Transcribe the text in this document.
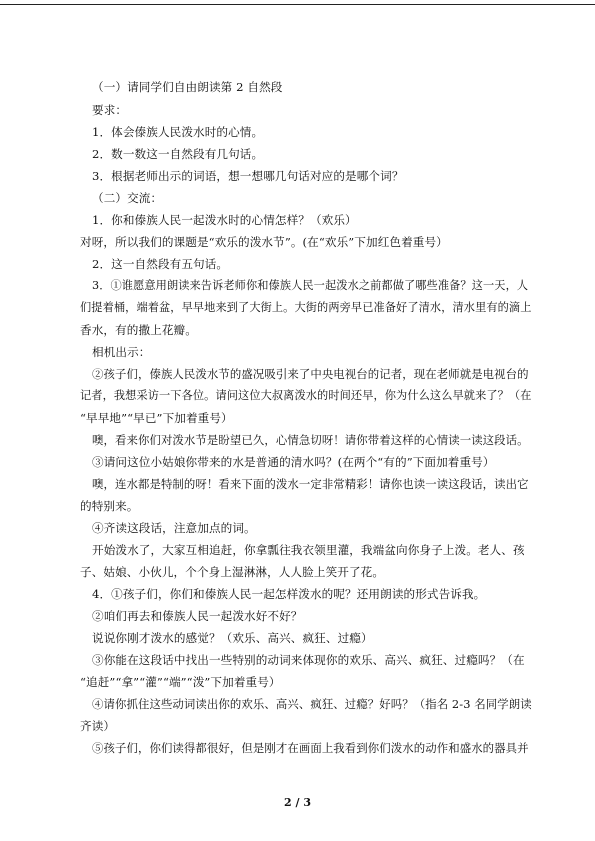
（一）请同学们自由朗读第 2 自然段
要求：
1．体会傣族人民泼水时的心情。
2．数一数这一自然段有几句话。
3．根据老师出示的词语，想一想哪几句话对应的是哪个词？
（二）交流：
1．你和傣族人民一起泼水时的心情怎样？（欢乐）
对呀，所以我们的课题是“欢乐的泼水节”。(在“欢乐”下加红色着重号）
2．这一自然段有五句话。
3．①谁愿意用朗读来告诉老师你和傣族人民一起泼水之前都做了哪些准备？这一天，人
们提着桶，端着盆，早早地来到了大街上。大街的两旁早已准备好了清水，清水里有的滴上
香水，有的撒上花瓣。
相机出示：
②孩子们，傣族人民泼水节的盛况吸引来了中央电视台的记者，现在老师就是电视台的
记者，我想采访一下各位。请问这位大叔离泼水的时间还早，你为什么这么早就来了？（在
“早早地”“早已”下加着重号）
噢，看来你们对泼水节是盼望已久，心情急切呀！请你带着这样的心情读一读这段话。
③请问这位小姑娘你带来的水是普通的清水吗？(在两个“有的”下面加着重号）
噢，连水都是特制的呀！看来下面的泼水一定非常精彩！请你也读一读这段话，读出它
的特别来。
④齐读这段话，注意加点的词。
开始泼水了，大家互相追赶，你拿瓢往我衣领里灌，我端盆向你身子上泼。老人、孩
子、姑娘、小伙儿，个个身上湿淋淋，人人脸上笑开了花。
4．①孩子们，你们和傣族人民一起怎样泼水的呢？还用朗读的形式告诉我。
②咱们再去和傣族人民一起泼水好不好？
说说你刚才泼水的感觉？（欢乐、高兴、疯狂、过瘾）
③你能在这段话中找出一些特别的动词来体现你的欢乐、高兴、疯狂、过瘾吗？（在
“追赶”“拿”“灌”“端”“泼”下加着重号）
④请你抓住这些动词读出你的欢乐、高兴、疯狂、过瘾？好吗？（指名 2-3 名同学朗读
齐读）
⑤孩子们，你们读得都很好，但是刚才在画面上我看到你们泼水的动作和盛水的器具并
2 / 3
